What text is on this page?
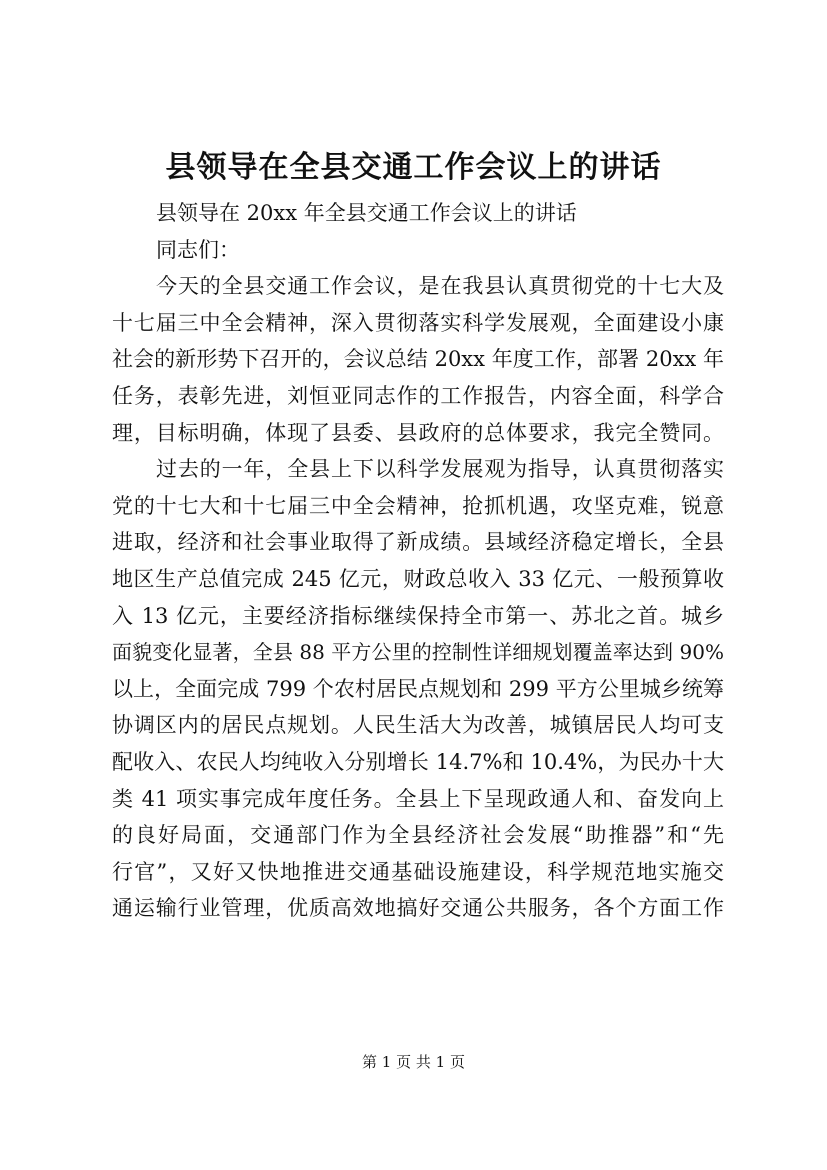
县领导在全县交通工作会议上的讲话
县领导在 20xx 年全县交通工作会议上的讲话
同志们：
今天的全县交通工作会议，是在我县认真贯彻党的十七大及
十七届三中全会精神，深入贯彻落实科学发展观，全面建设小康
社会的新形势下召开的，会议总结 20xx 年度工作，部署 20xx 年
任务，表彰先进，刘恒亚同志作的工作报告，内容全面，科学合
理，目标明确，体现了县委、县政府的总体要求，我完全赞同。
过去的一年，全县上下以科学发展观为指导，认真贯彻落实
党的十七大和十七届三中全会精神，抢抓机遇，攻坚克难，锐意
进取，经济和社会事业取得了新成绩。县域经济稳定增长，全县
地区生产总值完成 245 亿元，财政总收入 33 亿元、一般预算收
入 13 亿元，主要经济指标继续保持全市第一、苏北之首。城乡
面貌变化显著，全县 88 平方公里的控制性详细规划覆盖率达到 90%
以上，全面完成 799 个农村居民点规划和 299 平方公里城乡统筹
协调区内的居民点规划。人民生活大为改善，城镇居民人均可支
配收入、农民人均纯收入分别增长 14.7%和 10.4%，为民办十大
类 41 项实事完成年度任务。全县上下呈现政通人和、奋发向上
的良好局面，交通部门作为全县经济社会发展“助推器”和“先
行官”，又好又快地推进交通基础设施建设，科学规范地实施交
通运输行业管理，优质高效地搞好交通公共服务，各个方面工作
第 1 页 共 1 页
